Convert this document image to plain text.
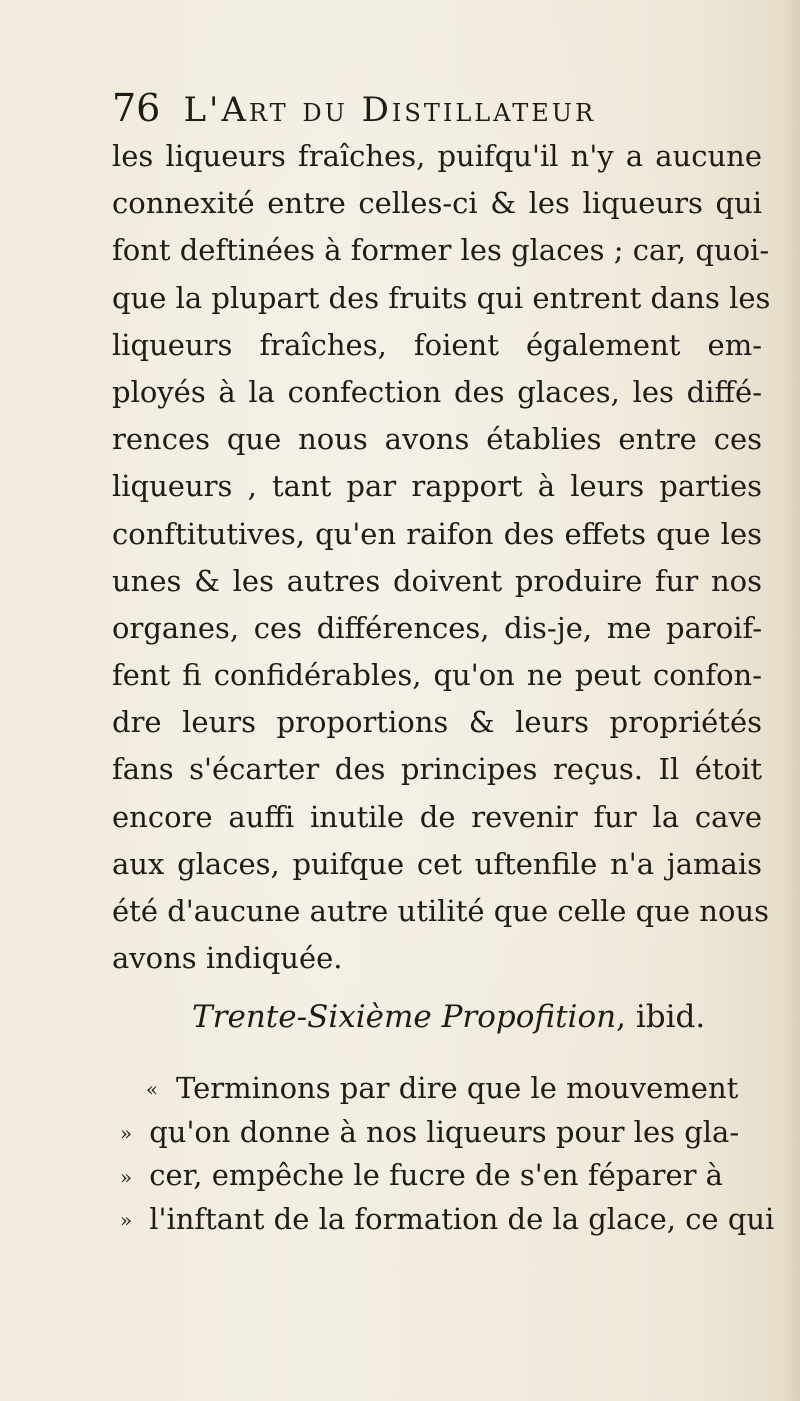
76 L'Art du Distillateur
les liqueurs fraîches, puifqu'il n'y a aucune
connexité entre celles-ci & les liqueurs qui
font deftinées à former les glaces ; car, quoi-
que la plupart des fruits qui entrent dans les
liqueurs fraîches, foient également em-
ployés à la confection des glaces, les diffé-
rences que nous avons établies entre ces
liqueurs , tant par rapport à leurs parties
conftitutives, qu'en raifon des effets que les
unes & les autres doivent produire fur nos
organes, ces différences, dis-je, me paroif-
fent fi confidérables, qu'on ne peut confon-
dre leurs proportions & leurs propriétés
fans s'écarter des principes reçus. Il étoit
encore auffi inutile de revenir fur la cave
aux glaces, puifque cet uftenfile n'a jamais
été d'aucune autre utilité que celle que nous
avons indiquée.
Trente-Sixième Propofition, ibid.
« Terminons par dire que le mouvement
» qu'on donne à nos liqueurs pour les gla-
» cer, empêche le fucre de s'en féparer à
» l'inftant de la formation de la glace, ce qui
